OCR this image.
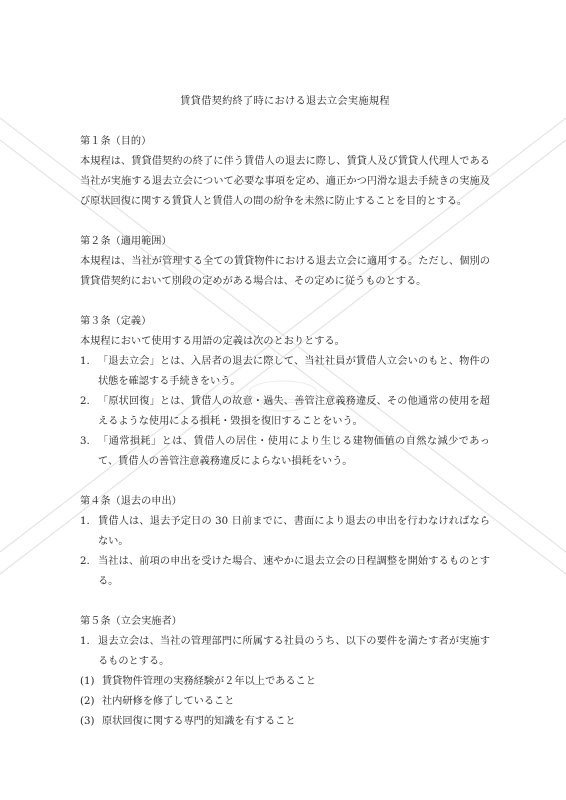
賃貸借契約終了時における退去立会実施規程

第１条（目的）

本規程は、賃貸借契約の終了に伴う賃借人の退去に際し、賃貸人及び賃貸人代理人である当社が実施する退去立会について必要な事項を定め、適正かつ円滑な退去手続きの実施及び原状回復に関する賃貸人と賃借人の間の紛争を未然に防止することを目的とする。

第２条（適用範囲）

本規程は、当社が管理する全ての賃貸物件における退去立会に適用する。ただし、個別の賃貸借契約において別段の定めがある場合は、その定めに従うものとする。

第３条（定義）

本規程において使用する用語の定義は次のとおりとする。

1. 「退去立会」とは、入居者の退去に際して、当社社員が賃借人立会いのもと、物件の状態を確認する手続きをいう。
2. 「原状回復」とは、賃借人の故意・過失、善管注意義務違反、その他通常の使用を超えるような使用による損耗・毀損を復旧することをいう。
3. 「通常損耗」とは、賃借人の居住・使用により生じる建物価値の自然な減少であって、賃借人の善管注意義務違反によらない損耗をいう。

第４条（退去の申出）

1. 賃借人は、退去予定日の 30 日前までに、書面により退去の申出を行わなければならない。
2. 当社は、前項の申出を受けた場合、速やかに退去立会の日程調整を開始するものとする。

第５条（立会実施者）

1. 退去立会は、当社の管理部門に所属する社員のうち、以下の要件を満たす者が実施するものとする。
(1) 賃貸物件管理の実務経験が２年以上であること
(2) 社内研修を修了していること
(3) 原状回復に関する専門的知識を有すること
